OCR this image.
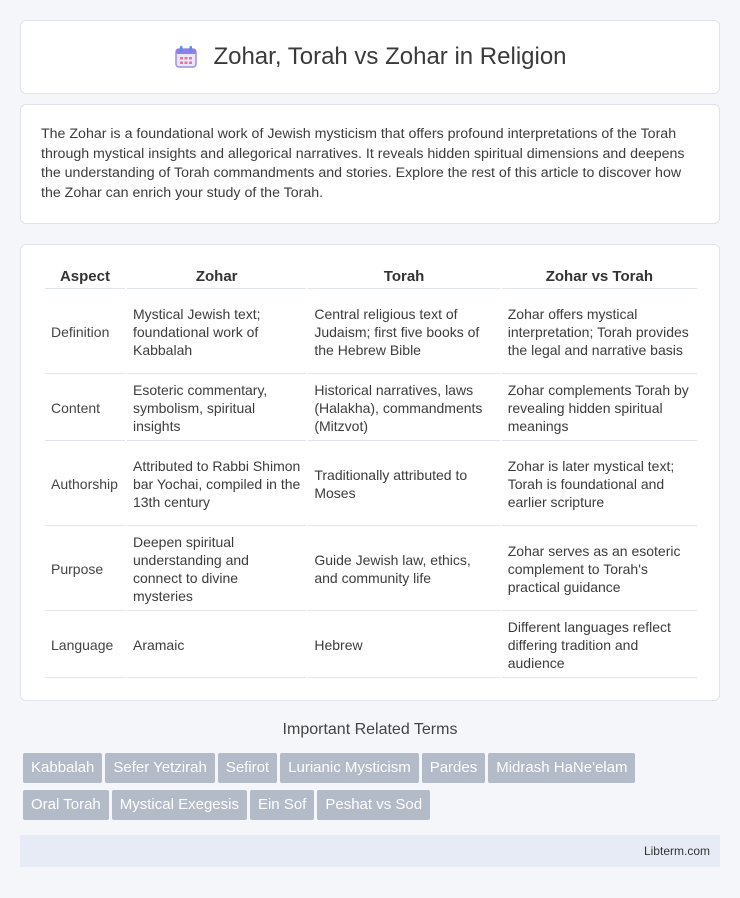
Zohar, Torah vs Zohar in Religion

The Zohar is a foundational work of Jewish mysticism that offers profound interpretations of the Torah through mystical insights and allegorical narratives. It reveals hidden spiritual dimensions and deepens the understanding of Torah commandments and stories. Explore the rest of this article to discover how the Zohar can enrich your study of the Torah.

Aspect	Zohar	Torah	Zohar vs Torah
Definition	Mystical Jewish text; foundational work of Kabbalah	Central religious text of Judaism; first five books of the Hebrew Bible	Zohar offers mystical interpretation; Torah provides the legal and narrative basis
Content	Esoteric commentary, symbolism, spiritual insights	Historical narratives, laws (Halakha), commandments (Mitzvot)	Zohar complements Torah by revealing hidden spiritual meanings
Authorship	Attributed to Rabbi Shimon bar Yochai, compiled in the 13th century	Traditionally attributed to Moses	Zohar is later mystical text; Torah is foundational and earlier scripture
Purpose	Deepen spiritual understanding and connect to divine mysteries	Guide Jewish law, ethics, and community life	Zohar serves as an esoteric complement to Torah's practical guidance
Language	Aramaic	Hebrew	Different languages reflect differing tradition and audience
Important Related Terms
Kabbalah Sefer Yetzirah Sefirot Lurianic Mysticism Pardes Midrash HaNe'elam
Oral Torah Mystical Exegesis Ein Sof Peshat vs Sod
Libterm.com
